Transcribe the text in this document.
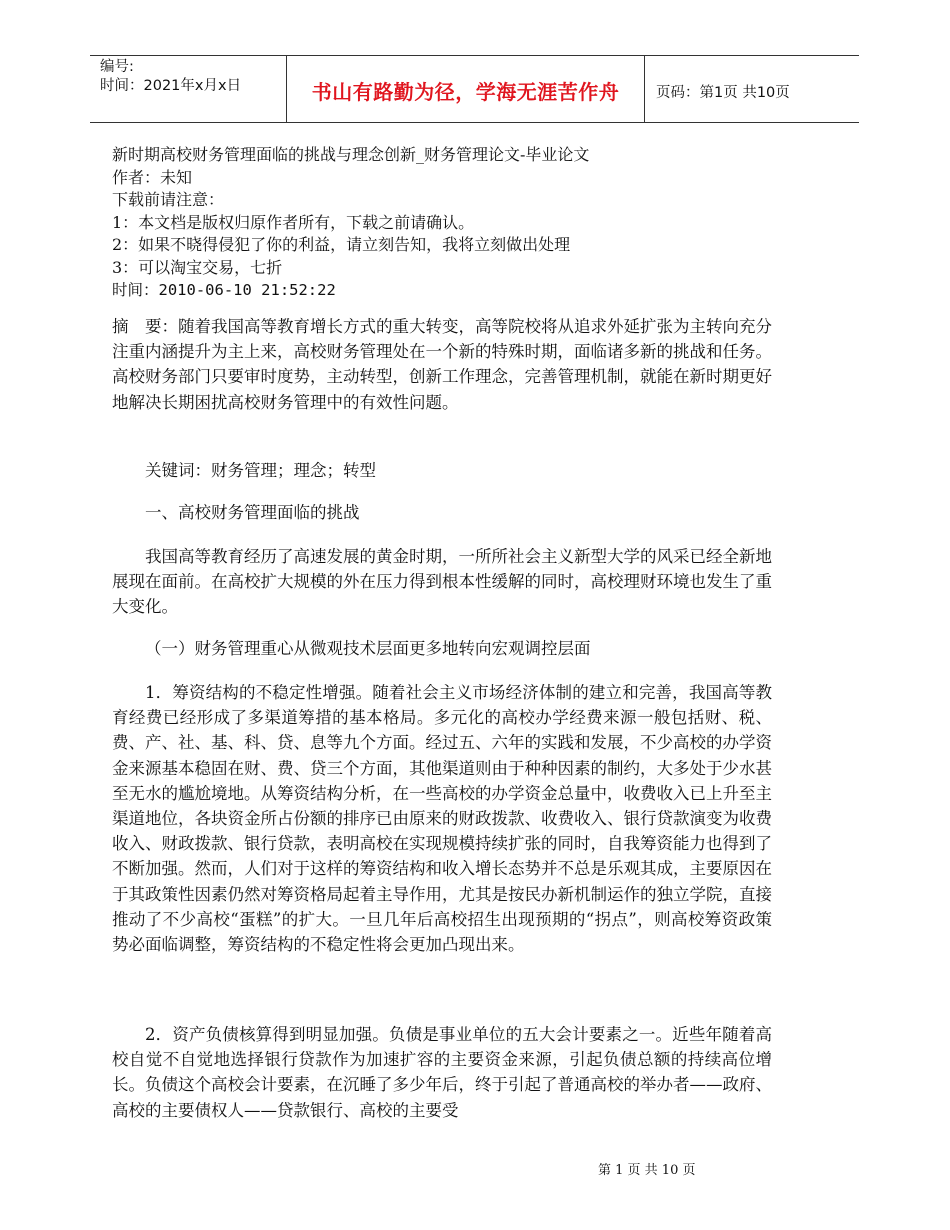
编号:
时间：2021年x月x日	书山有路勤为径，学海无涯苦作舟	页码：第1页 共10页
新时期高校财务管理面临的挑战与理念创新_财务管理论文-毕业论文
作者：未知
下载前请注意：
1：本文档是版权归原作者所有，下载之前请确认。
2：如果不晓得侵犯了你的利益，请立刻告知，我将立刻做出处理
3：可以淘宝交易，七折
时间：2010-06-10 21:52:22
摘　要：随着我国高等教育增长方式的重大转变，高等院校将从追求外延扩张为主转向充分注重内涵提升为主上来，高校财务管理处在一个新的特殊时期，面临诸多新的挑战和任务。高校财务部门只要审时度势，主动转型，创新工作理念，完善管理机制，就能在新时期更好地解决长期困扰高校财务管理中的有效性问题。
关键词：财务管理；理念；转型
一、高校财务管理面临的挑战
我国高等教育经历了高速发展的黄金时期，一所所社会主义新型大学的风采已经全新地展现在面前。在高校扩大规模的外在压力得到根本性缓解的同时，高校理财环境也发生了重大变化。
（一）财务管理重心从微观技术层面更多地转向宏观调控层面
1．筹资结构的不稳定性增强。随着社会主义市场经济体制的建立和完善，我国高等教育经费已经形成了多渠道筹措的基本格局。多元化的高校办学经费来源一般包括财、税、费、产、社、基、科、贷、息等九个方面。经过五、六年的实践和发展，不少高校的办学资金来源基本稳固在财、费、贷三个方面，其他渠道则由于种种因素的制约，大多处于少水甚至无水的尴尬境地。从筹资结构分析，在一些高校的办学资金总量中，收费收入已上升至主渠道地位，各块资金所占份额的排序已由原来的财政拨款、收费收入、银行贷款演变为收费收入、财政拨款、银行贷款，表明高校在实现规模持续扩张的同时，自我筹资能力也得到了不断加强。然而，人们对于这样的筹资结构和收入增长态势并不总是乐观其成，主要原因在于其政策性因素仍然对筹资格局起着主导作用，尤其是按民办新机制运作的独立学院，直接推动了不少高校“蛋糕”的扩大。一旦几年后高校招生出现预期的“拐点”，则高校筹资政策势必面临调整，筹资结构的不稳定性将会更加凸现出来。
2．资产负债核算得到明显加强。负债是事业单位的五大会计要素之一。近些年随着高校自觉不自觉地选择银行贷款作为加速扩容的主要资金来源，引起负债总额的持续高位增长。负债这个高校会计要素，在沉睡了多少年后，终于引起了普通高校的举办者——政府、高校的主要债权人——贷款银行、高校的主要受
第 1 页 共 10 页
